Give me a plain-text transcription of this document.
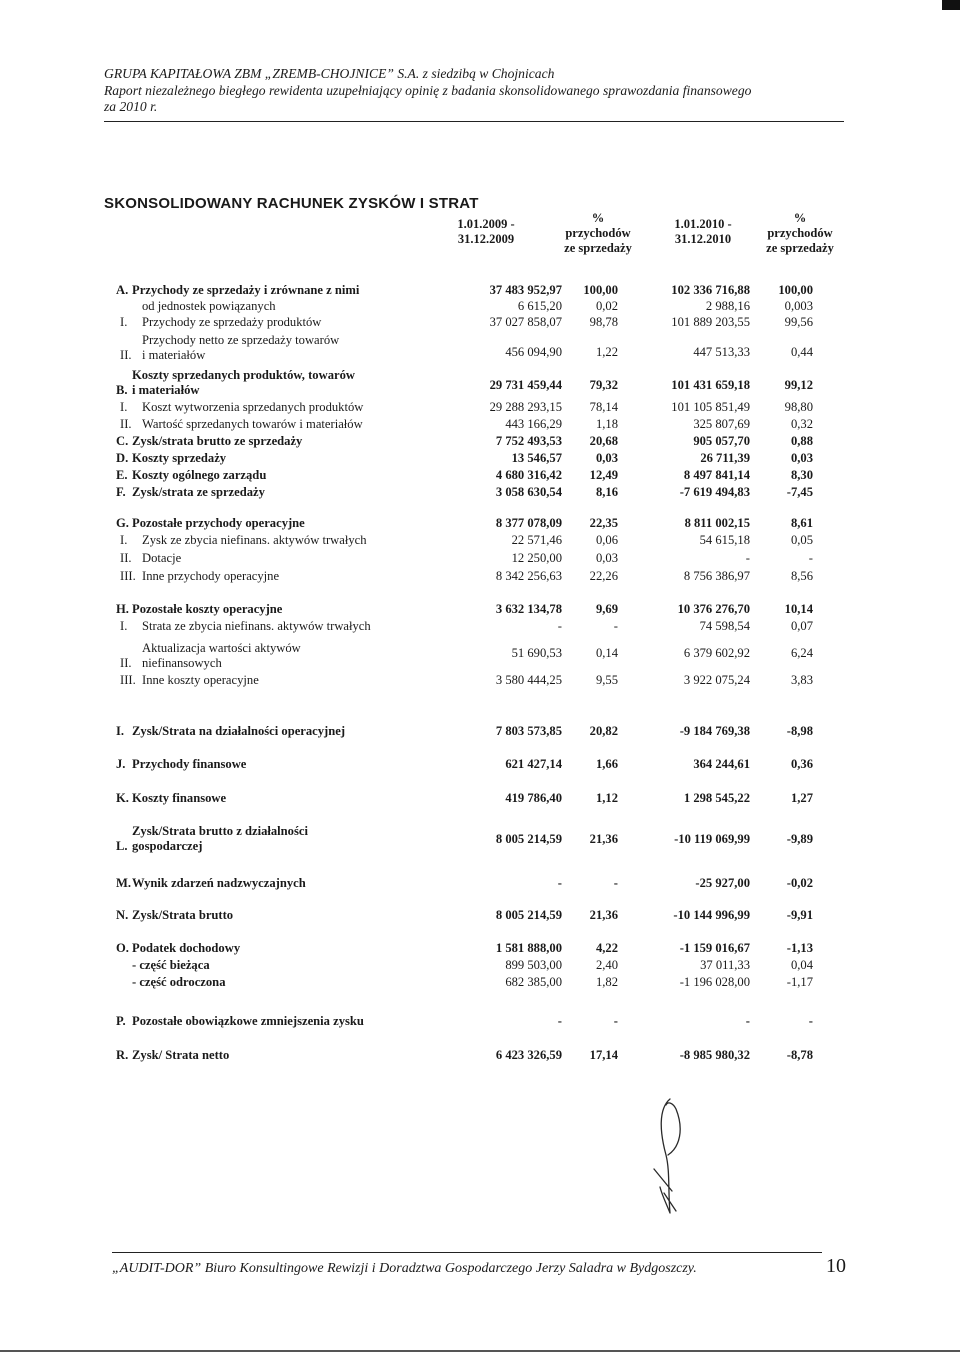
GRUPA KAPITAŁOWA ZBM „ZREMB-CHOJNICE” S.A. z siedzibą w Chojnicach
Raport niezależnego biegłego rewidenta uzupełniający opinię z badania skonsolidowanego sprawozdania finansowego
za 2010 r.
SKONSOLIDOWANY RACHUNEK ZYSKÓW I STRAT
1.01.2009 -
31.12.2009
%
przychodów
ze sprzedaży
1.01.2010 -
31.12.2010
%
przychodów
ze sprzedaży
A. Przychody ze sprzedaży i zrównane z nimi	37 483 952,97 100,00	102 336 716,88 100,00
od jednostek powiązanych	6 615,20	0,02	2 988,16	0,003
I. Przychody ze sprzedaży produktów	37 027 858,07 98,78	101 889 203,55	99,56
II.
Przychody netto ze sprzedaży towarów
i materiałów	456 094,90	1,22	447 513,33	0,44
B.
Koszty sprzedanych produktów, towarów
i materiałów	29 731 459,44 79,32	101 431 659,18	99,12
I. Koszt wytworzenia sprzedanych produktów	29 288 293,15 78,14	101 105 851,49	98,80
II. Wartość sprzedanych towarów i materiałów	443 166,29	1,18	325 807,69	0,32
C. Zysk/strata brutto ze sprzedaży	7 752 493,53 20,68	905 057,70	0,88
D. Koszty sprzedaży	13 546,57	0,03	26 711,39	0,03
E. Koszty ogólnego zarządu	4 680 316,42 12,49	8 497 841,14	8,30
F. Zysk/strata ze sprzedaży	3 058 630,54	8,16	-7 619 494,83	-7,45
G. Pozostałe przychody operacyjne	8 377 078,09 22,35	8 811 002,15	8,61
I. Zysk ze zbycia niefinans. aktywów trwałych	22 571,46	0,06	54 615,18	0,05
II. Dotacje	12 250,00	0,03	-	-
III. Inne przychody operacyjne	8 342 256,63 22,26	8 756 386,97	8,56
H. Pozostałe koszty operacyjne	3 632 134,78	9,69	10 376 276,70	10,14
I. Strata ze zbycia niefinans. aktywów trwałych	-	-	74 598,54	0,07
II.
Aktualizacja wartości aktywów
niefinansowych
51 690,53	0,14	6 379 602,92	6,24
III. Inne koszty operacyjne	3 580 444,25	9,55	3 922 075,24	3,83
I. Zysk/Strata na działalności operacyjnej	7 803 573,85 20,82	-9 184 769,38	-8,98
J. Przychody finansowe	621 427,14	1,66	364 244,61	0,36
K. Koszty finansowe	419 786,40	1,12	1 298 545,22	1,27
L.
Zysk/Strata brutto z działalności
gospodarczej	8 005 214,59 21,36	-10 119 069,99	-9,89
M. Wynik zdarzeń nadzwyczajnych	-	-	-25 927,00	-0,02
N. Zysk/Strata brutto	8 005 214,59 21,36	-10 144 996,99	-9,91
O. Podatek dochodowy	1 581 888,00	4,22	-1 159 016,67	-1,13
- część bieżąca	899 503,00	2,40	37 011,33	0,04
- część odroczona	682 385,00	1,82	-1 196 028,00	-1,17
P. Pozostałe obowiązkowe zmniejszenia zysku	-	-	-	-
R. Zysk/ Strata netto	6 423 326,59 17,14	-8 985 980,32	-8,78
„AUDIT-DOR” Biuro Konsultingowe Rewizji i Doradztwa Gospodarczego Jerzy Saladra w Bydgoszczy.	10
